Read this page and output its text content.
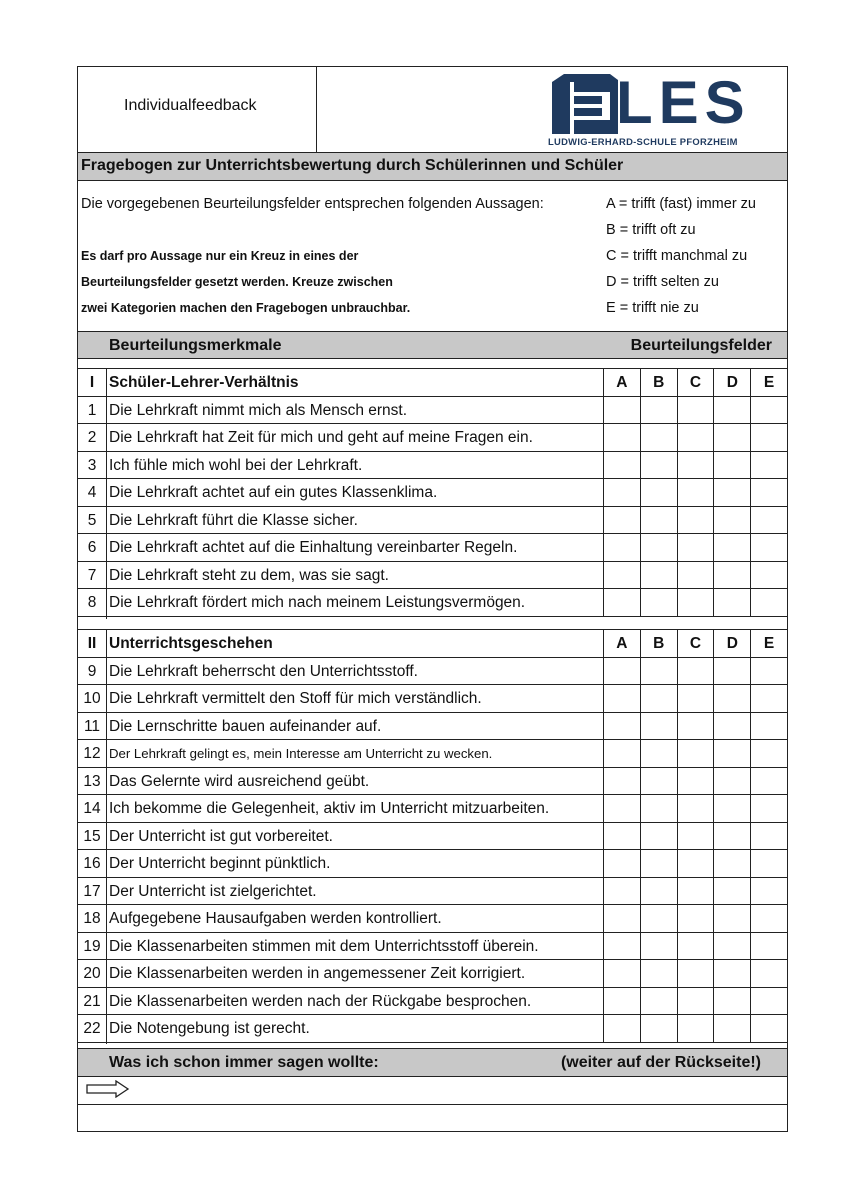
Individualfeedback	LES
LUDWIG-ERHARD-SCHULE PFORZHEIM
Fragebogen zur Unterrichtsbewertung durch Schülerinnen und Schüler
Die vorgegebenen Beurteilungsfelder entsprechen folgenden Aussagen:
Es darf pro Aussage nur ein Kreuz in eines der
Beurteilungsfelder gesetzt werden. Kreuze zwischen
zwei Kategorien machen den Fragebogen unbrauchbar.
A = trifft (fast) immer zu
B = trifft oft zu
C = trifft manchmal zu
D = trifft selten zu
E = trifft nie zu
Beurteilungsmerkmale	Beurteilungsfelder
I Schüler-Lehrer-Verhältnis	A	B	C	D	E
1 Die Lehrkraft nimmt mich als Mensch ernst.
2 Die Lehrkraft hat Zeit für mich und geht auf meine Fragen ein.
3 Ich fühle mich wohl bei der Lehrkraft.
4 Die Lehrkraft achtet auf ein gutes Klassenklima.
5 Die Lehrkraft führt die Klasse sicher.
6 Die Lehrkraft achtet auf die Einhaltung vereinbarter Regeln.
7 Die Lehrkraft steht zu dem, was sie sagt.
8 Die Lehrkraft fördert mich nach meinem Leistungsvermögen.
II Unterrichtsgeschehen	A	B	C	D	E
9 Die Lehrkraft beherrscht den Unterrichtsstoff.
10 Die Lehrkraft vermittelt den Stoff für mich verständlich.
11 Die Lernschritte bauen aufeinander auf.
12 Der Lehrkraft gelingt es, mein Interesse am Unterricht zu wecken.
13 Das Gelernte wird ausreichend geübt.
14 Ich bekomme die Gelegenheit, aktiv im Unterricht mitzuarbeiten.
15 Der Unterricht ist gut vorbereitet.
16 Der Unterricht beginnt pünktlich.
17 Der Unterricht ist zielgerichtet.
18 Aufgegebene Hausaufgaben werden kontrolliert.
19 Die Klassenarbeiten stimmen mit dem Unterrichtsstoff überein.
20 Die Klassenarbeiten werden in angemessener Zeit korrigiert.
21 Die Klassenarbeiten werden nach der Rückgabe besprochen.
22 Die Notengebung ist gerecht.
Was ich schon immer sagen wollte:	(weiter auf der Rückseite!)
